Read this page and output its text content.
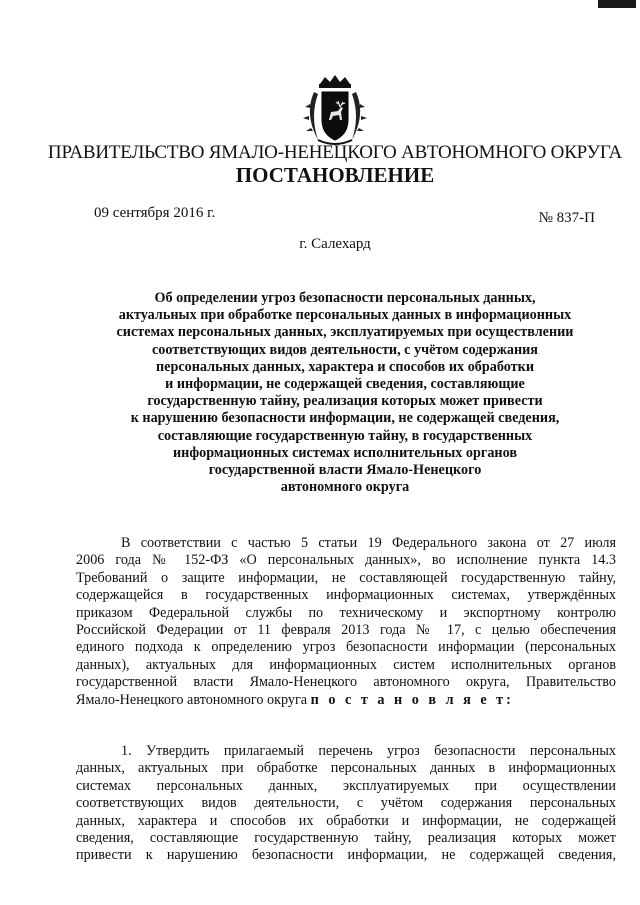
ПРАВИТЕЛЬСТВО ЯМАЛО-НЕНЕЦКОГО АВТОНОМНОГО ОКРУГА
ПОСТАНОВЛЕНИЕ
09 сентября 2016 г.	№ 837-П
г. Салехард
Об определении угроз безопасности персональных данных,
актуальных при обработке персональных данных в информационных
системах персональных данных, эксплуатируемых при осуществлении
соответствующих видов деятельности, с учётом содержания
персональных данных, характера и способов их обработки
и информации, не содержащей сведения, составляющие
государственную тайну, реализация которых может привести
к нарушению безопасности информации, не содержащей сведения,
составляющие государственную тайну, в государственных
информационных системах исполнительных органов
государственной власти Ямало-Ненецкого
автономного округа
В соответствии с частью 5 статьи 19 Федерального закона от 27 июля
2006 года № 152-ФЗ «О персональных данных», во исполнение пункта 14.3
Требований о защите информации, не составляющей государственную тайну,
содержащейся в государственных информационных системах, утверждённых
приказом Федеральной службы по техническому и экспортному контролю
Российской Федерации от 11 февраля 2013 года № 17, с целью обеспечения
единого подхода к определению угроз безопасности информации (персональных
данных), актуальных для информационных систем исполнительных органов
государственной власти Ямало-Ненецкого автономного округа, Правительство
Ямало-Ненецкого автономного округа п о с т а н о в л я е т:
1. Утвердить прилагаемый перечень угроз безопасности персональных
данных, актуальных при обработке персональных данных в информационных
системах персональных данных, эксплуатируемых при осуществлении
соответствующих видов деятельности, с учётом содержания персональных
данных, характера и способов их обработки и информации, не содержащей
сведения, составляющие государственную тайну, реализация которых может
привести к нарушению безопасности информации, не содержащей сведения,
